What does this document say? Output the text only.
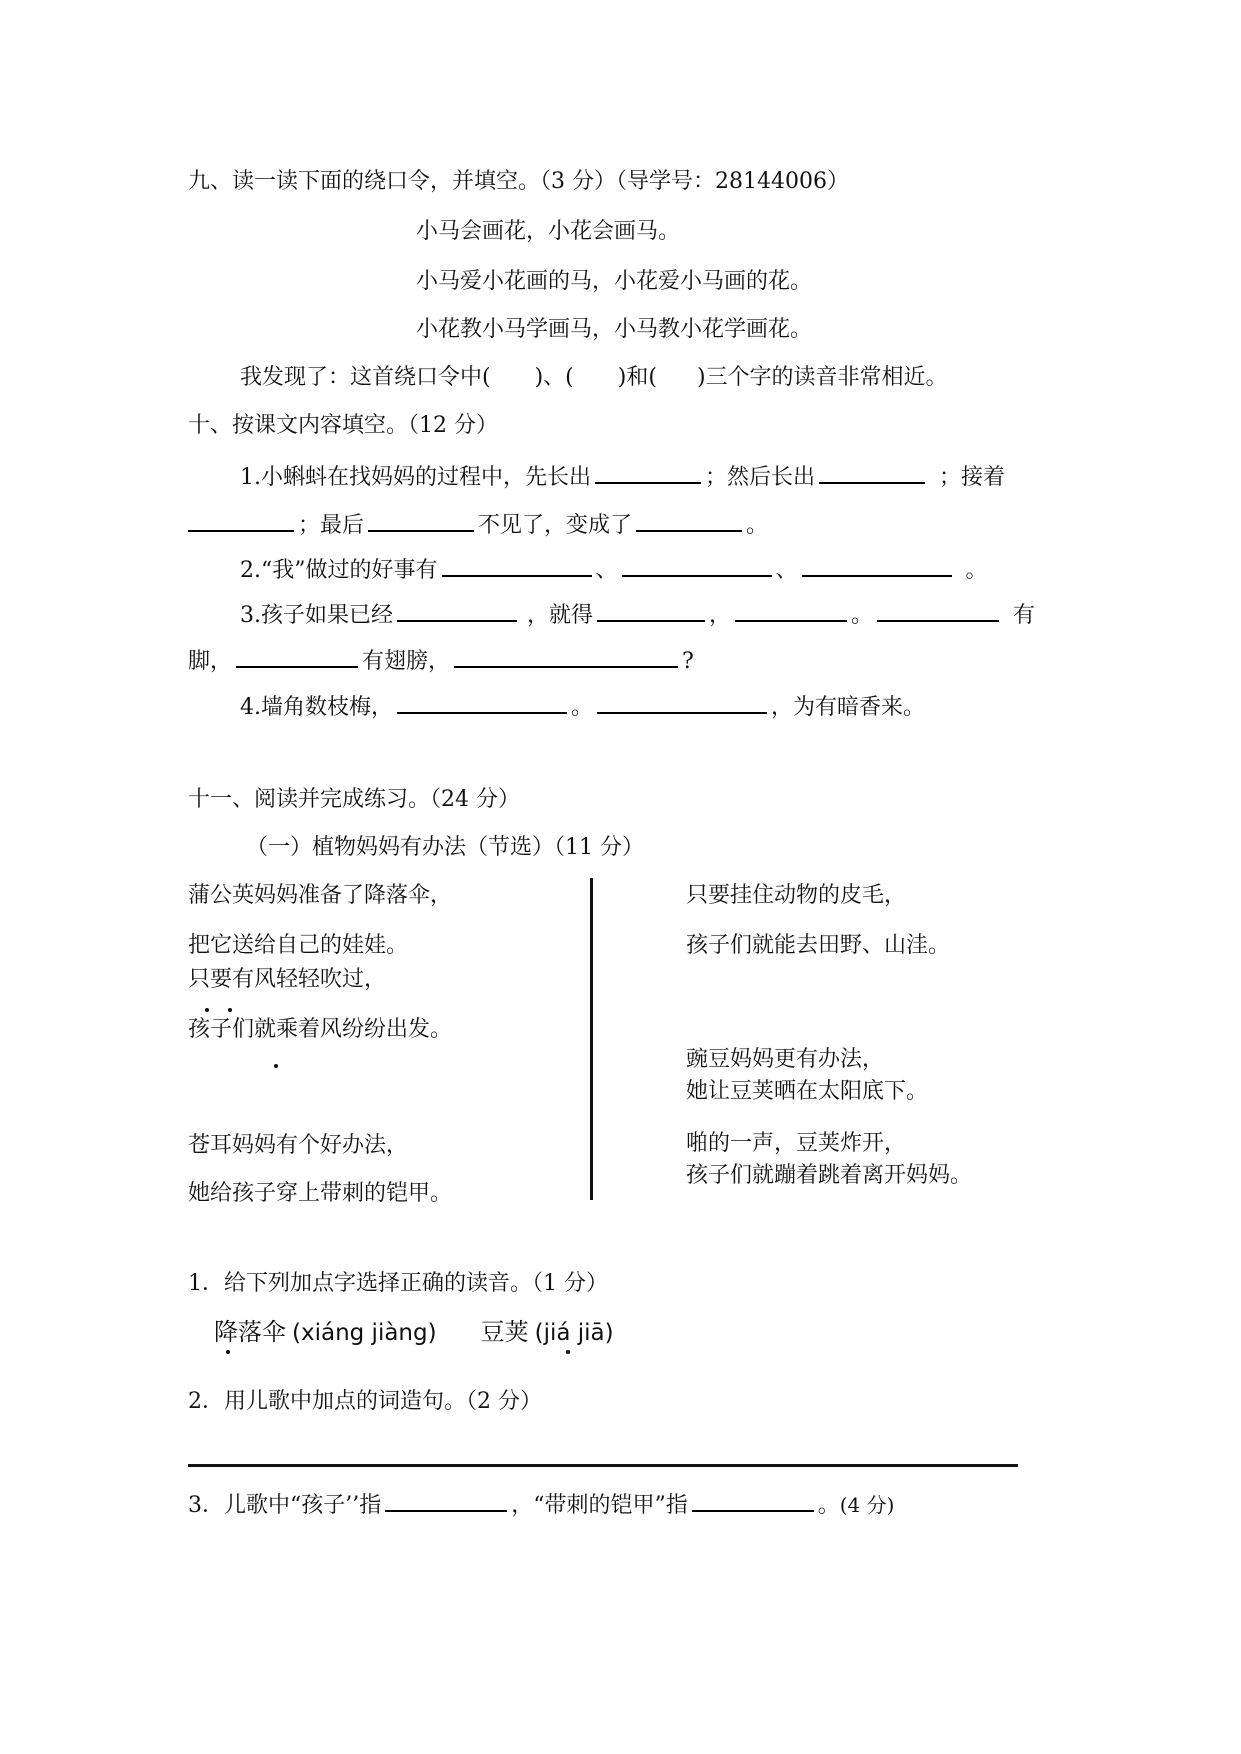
九、读一读下面的绕口令，并填空。（3 分）（导学号：28144006）
小马会画花，小花会画马。
小马爱小花画的马，小花爱小马画的花。
小花教小马学画马，小马教小花学画花。
我发现了：这首绕口令中( )、( )和( )三个字的读音非常相近。
十、按课文内容填空。（12 分）
1.小蝌蚪在找妈妈的过程中，先长出	；然后长出	；接着
；最后	不见了，变成了	。
2.“我”做过的好事有	、	、	。
3.孩子如果已经	，就得	，	。	有
脚，	有翅膀，	?
4.墙角数枝梅，	。	，为有暗香来。
十一、阅读并完成练习。（24 分）
（一）植物妈妈有办法（节选）（11 分）
蒲公英妈妈准备了降落伞，
把它送给自己的娃娃。
只要有风轻轻吹过，
孩子们就乘着风纷纷出发。
苍耳妈妈有个好办法，
她给孩子穿上带刺的铠甲。
只要挂住动物的皮毛，
孩子们就能去田野、山洼。
豌豆妈妈更有办法，
她让豆荚晒在太阳底下。
啪的一声，豆荚炸开，
孩子们就蹦着跳着离开妈妈。
1．给下列加点字选择正确的读音。（1 分）
降落伞 (xiáng jiàng) 豆荚 (jiá jiā)
2．用儿歌中加点的词造句。（2 分）
3．儿歌中“孩子’’指	，“带刺的铠甲”指	。(4 分)
